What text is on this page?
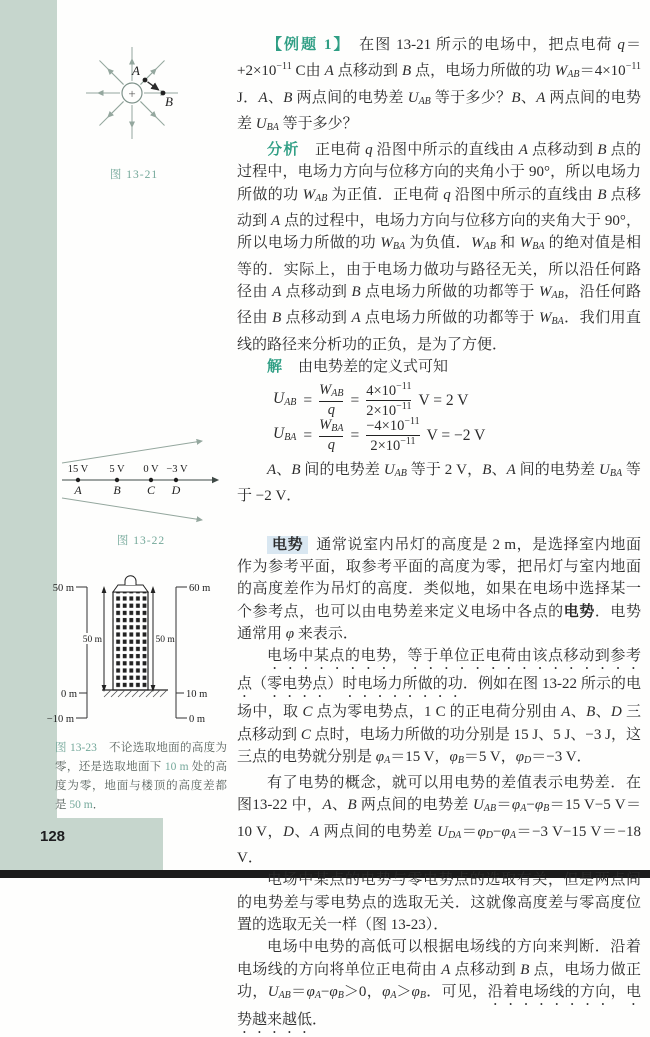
128
+
A
B
图 13-21
15 V 5 V 0 V −3 V
A	B C D
图 13-22
50 m
0 m
−10 m
50 m	50 m
60 m
10 m
0 m
图 13-23　不论选取地面的高度为零，还是选取地面下 10 m 处的高度为零，地面与楼顶的高度差都是 50 m．

【例题 1】　在图 13-21 所示的电场中，把点电荷 $q=+2\times 10^{-11}$ C由 A 点移动到 B 点，电场力所做的功 $WAB=4\times 10^{-11}$ J．A、B 两点间的电势差 UAB 等于多少？B、A 两点间的电势差 UBA 等于多少？

分析　正电荷 q 沿图中所示的直线由 A 点移动到 B 点的过程中，电场力方向与位移方向的夹角小于 90°，所以电场力所做的功 WAB 为正值．正电荷 q 沿图中所示的直线由 B 点移动到 A 点的过程中，电场力方向与位移方向的夹角大于 90°，所以电场力所做的功 WBA 为负值．WAB 和 WBA 的绝对值是相等的．实际上，由于电场力做功与路径无关，所以沿任何路径由 A 点移动到 B 点电场力所做的功都等于 WAB，沿任何路径由 B 点移动到 A 点电场力所做的功都等于 WBA．我们用直线的路径来分析功的正负，是为了方便．

解　由电势差的定义式可知

$U_{AB} = \frac{W_{AB}}{q} = \frac{4\times 10^{-11}}{2\times 10^{-11}}$ V = 2 V
$U_{BA} = \frac{W_{BA}}{q} = \frac{-4\times 10^{-11}}{2\times 10^{-11}}$ V = −2 V

A、B 间的电势差 UAB 等于 2 V，B、A 间的电势差 UBA 等于 −2 V．

电势 通常说室内吊灯的高度是 2 m，是选择室内地面作为参考平面，取参考平面的高度为零，把吊灯与室内地面的高度差作为吊灯的高度．类似地，如果在电场中选择某一个参考点，也可以由电势差来定义电场中各点的电势．电势通常用 φ 来表示．

电场中某点的电势，等于单位正电荷由该点移动到参考点（零电势点）时电场力所做的功．例如在图 13-22 所示的电场中，取 C 点为零电势点，1 C 的正电荷分别由 A、B、D 三点移动到 C 点时，电场力所做的功分别是 15 J、5 J、−3 J，这三点的电势就分别是 φA＝15 V，φB＝5 V，φD＝−3 V．

有了电势的概念，就可以用电势的差值表示电势差．在图13-22 中，A、B 两点间的电势差 UAB＝φA−φB＝15 V−5 V＝10 V，D、A 两点间的电势差 UDA＝φD−φA＝−3 V−15 V＝−18 V．

电场中某点的电势与零电势点的选取有关，但是两点间的电势差与零电势点的选取无关．这就像高度差与零高度位置的选取无关一样（图 13-23）．

电场中电势的高低可以根据电场线的方向来判断．沿着电场线的方向将单位正电荷由 A 点移动到 B 点，电场力做正功，UAB＝φA−φB＞0，φA＞φB．可见，沿着电场线的方向，电势越来越低．
